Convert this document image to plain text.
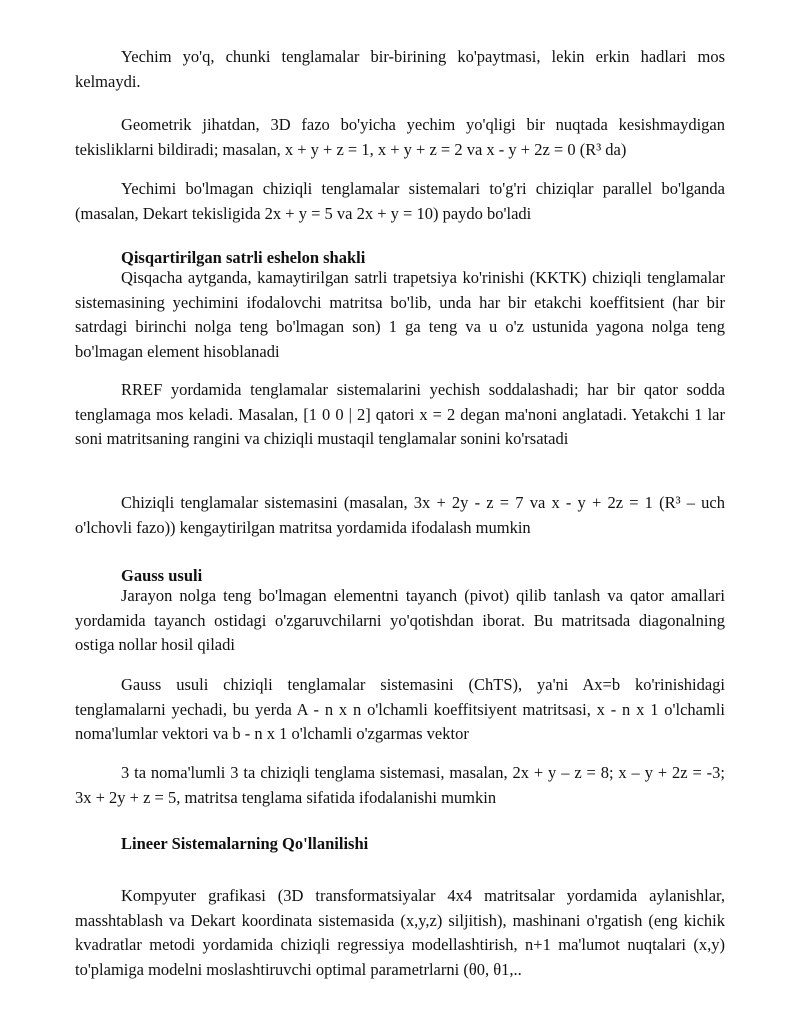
Yechim yo'q, chunki tenglamalar bir-birining ko'paytmasi, lekin erkin hadlari mos kelmaydi.

Geometrik jihatdan, 3D fazo bo'yicha yechim yo'qligi bir nuqtada kesishmaydigan tekisliklarni bildiradi; masalan, x + y + z = 1, x + y + z = 2 va x - y + 2z = 0 (R³ da)

Yechimi bo'lmagan chiziqli tenglamalar sistemalari to'g'ri chiziqlar parallel bo'lganda (masalan, Dekart tekisligida 2x + y = 5 va 2x + y = 10) paydo bo'ladi

Qisqartirilgan satrli eshelon shakli

Qisqacha aytganda, kamaytirilgan satrli trapetsiya ko'rinishi (KKTK) chiziqli tenglamalar sistemasining yechimini ifodalovchi matritsa bo'lib, unda har bir etakchi koeffitsient (har bir satrdagi birinchi nolga teng bo'lmagan son) 1 ga teng va u o'z ustunida yagona nolga teng bo'lmagan element hisoblanadi

RREF yordamida tenglamalar sistemalarini yechish soddalashadi; har bir qator sodda tenglamaga mos keladi. Masalan, [1 0 0 | 2] qatori x = 2 degan ma'noni anglatadi. Yetakchi 1 lar soni matritsaning rangini va chiziqli mustaqil tenglamalar sonini ko'rsatadi

Chiziqli tenglamalar sistemasini (masalan, 3x + 2y - z = 7 va x - y + 2z = 1 (R³ – uch o'lchovli fazo)) kengaytirilgan matritsa yordamida ifodalash mumkin

Gauss usuli

Jarayon nolga teng bo'lmagan elementni tayanch (pivot) qilib tanlash va qator amallari yordamida tayanch ostidagi o'zgaruvchilarni yo'qotishdan iborat. Bu matritsada diagonalning ostiga nollar hosil qiladi

Gauss usuli chiziqli tenglamalar sistemasini (ChTS), ya'ni Ax=b ko'rinishidagi tenglamalarni yechadi, bu yerda A - n x n o'lchamli koeffitsiyent matritsasi, x - n x 1 o'lchamli noma'lumlar vektori va b - n x 1 o'lchamli o'zgarmas vektor

3 ta noma'lumli 3 ta chiziqli tenglama sistemasi, masalan, 2x + y – z = 8; x – y + 2z = -3; 3x + 2y + z = 5, matritsa tenglama sifatida ifodalanishi mumkin

Lineer Sistemalarning Qo'llanilishi

Kompyuter grafikasi (3D transformatsiyalar 4x4 matritsalar yordamida aylanishlar, masshtablash va Dekart koordinata sistemasida (x,y,z) siljitish), mashinani o'rgatish (eng kichik kvadratlar metodi yordamida chiziqli regressiya modellashtirish, n+1 ma'lumot nuqtalari (x,y) to'plamiga modelni moslashtiruvchi optimal parametrlarni (θ0, θ1,..
